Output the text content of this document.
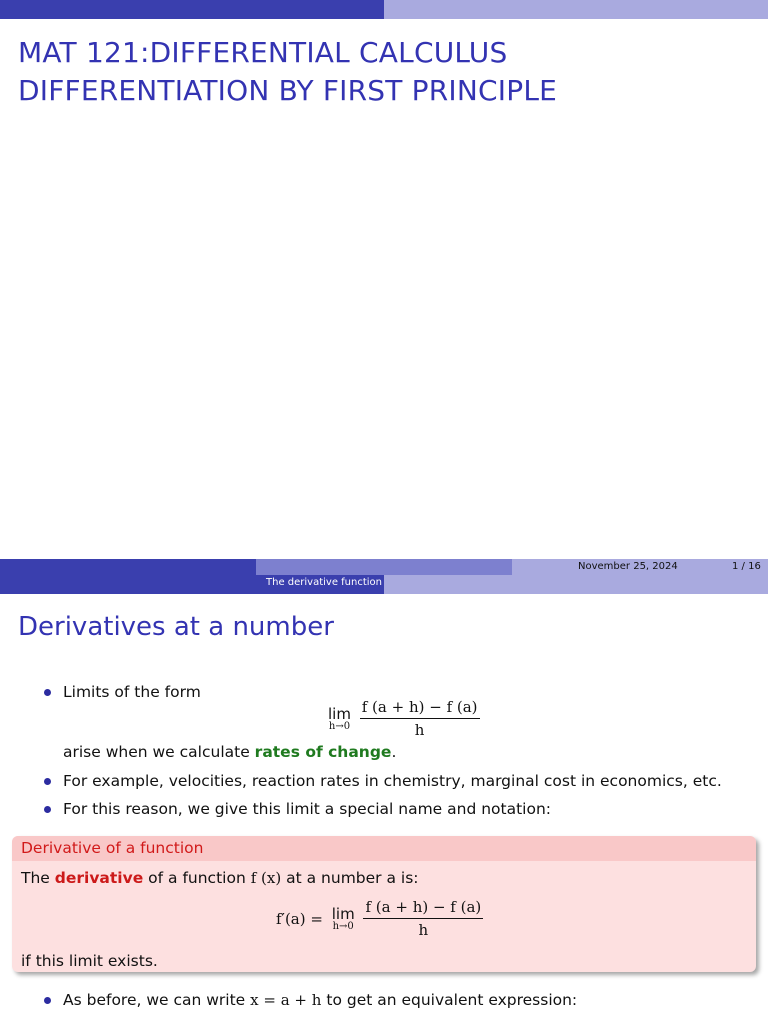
MAT 121:DIFFERENTIAL CALCULUS
DIFFERENTIATION BY FIRST PRINCIPLE
November 25, 2024	1 / 16
The derivative function
Derivatives at a number
Limits of the form
lim
h→0
$\frac{f (a + h) - f (a)}{h}$
arise when we calculate rates of change.
For example, velocities, reaction rates in chemistry, marginal cost in economics, etc.
For this reason, we give this limit a special name and notation:
Derivative of a function
The derivative of a function f (x) at a number a is:
f′(a) = lim
h→0
$\frac{f (a + h) - f (a)}{h}$
if this limit exists.
As before, we can write x = a + h to get an equivalent expression:
